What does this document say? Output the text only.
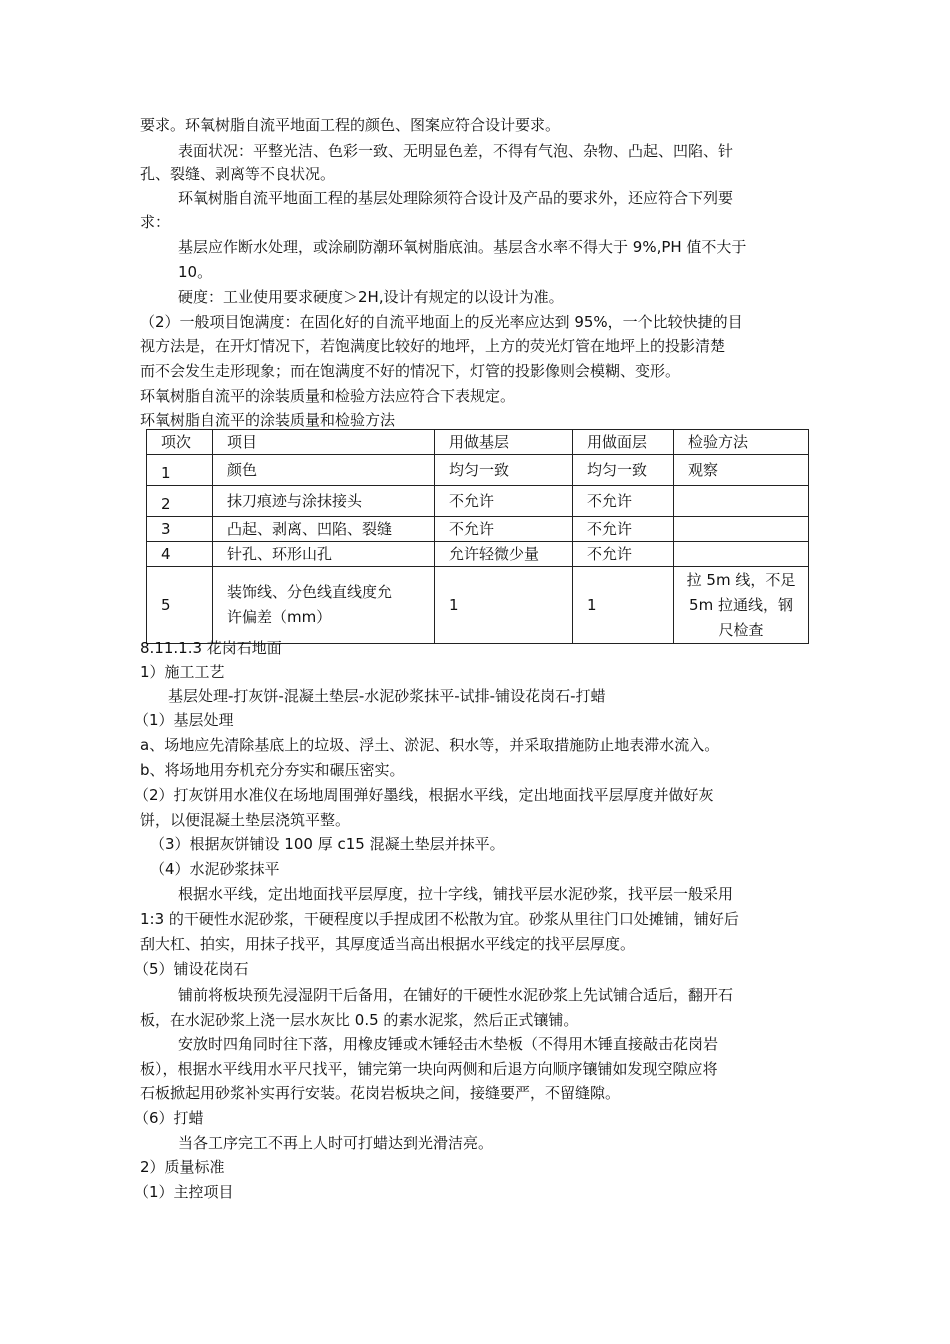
要求。环氧树脂自流平地面工程的颜色、图案应符合设计要求。
表面状况：平整光洁、色彩一致、无明显色差，不得有气泡、杂物、凸起、凹陷、针
孔、裂缝、剥离等不良状况。
环氧树脂自流平地面工程的基层处理除须符合设计及产品的要求外，还应符合下列要
求：
基层应作断水处理，或涂刷防潮环氧树脂底油。基层含水率不得大于 9%,PH 值不大于
10。
硬度：工业使用要求硬度＞2H,设计有规定的以设计为准。
（2）一般项目饱满度：在固化好的自流平地面上的反光率应达到 95%，一个比较快捷的目
视方法是，在开灯情况下，若饱满度比较好的地坪，上方的荧光灯管在地坪上的投影清楚
而不会发生走形现象；而在饱满度不好的情况下，灯管的投影像则会模糊、变形。
环氧树脂自流平的涂装质量和检验方法应符合下表规定。
环氧树脂自流平的涂装质量和检验方法
项次	项目	用做基层	用做面层	检验方法
1	颜色	均匀一致	均匀一致	观察
2	抹刀痕迹与涂抹接头	不允许	不允许	
3	凸起、剥离、凹陷、裂缝	不允许	不允许	
4	针孔、环形山孔	允许轻微少量	不允许	
5	装饰线、分色线直线度允
许偏差（mm）	1	1	拉 5m 线，不足
5m 拉通线，钢
尺检查
8.11.1.3 花岗石地面
1）施工工艺
基层处理-打灰饼-混凝土垫层-水泥砂浆抹平-试排-铺设花岗石-打蜡
（1）基层处理
a、场地应先清除基底上的垃圾、浮土、淤泥、积水等，并采取措施防止地表滞水流入。
b、将场地用夯机充分夯实和碾压密实。
（2）打灰饼用水准仪在场地周围弹好墨线，根据水平线，定出地面找平层厚度并做好灰
饼，以便混凝土垫层浇筑平整。
（3）根据灰饼铺设 100 厚 c15 混凝土垫层并抹平。
（4）水泥砂浆抹平
根据水平线，定出地面找平层厚度，拉十字线，铺找平层水泥砂浆，找平层一般采用
1:3 的干硬性水泥砂浆，干硬程度以手捏成团不松散为宜。砂浆从里往门口处摊铺，铺好后
刮大杠、拍实，用抹子找平，其厚度适当高出根据水平线定的找平层厚度。
（5）铺设花岗石
铺前将板块预先浸湿阴干后备用，在铺好的干硬性水泥砂浆上先试铺合适后，翻开石
板，在水泥砂浆上浇一层水灰比 0.5 的素水泥浆，然后正式镶铺。
安放时四角同时往下落，用橡皮锤或木锤轻击木垫板（不得用木锤直接敲击花岗岩
板），根据水平线用水平尺找平，铺完第一块向两侧和后退方向顺序镶铺如发现空隙应将
石板掀起用砂浆补实再行安装。花岗岩板块之间，接缝要严，不留缝隙。
（6）打蜡
当各工序完工不再上人时可打蜡达到光滑洁亮。
2）质量标准
（1）主控项目
